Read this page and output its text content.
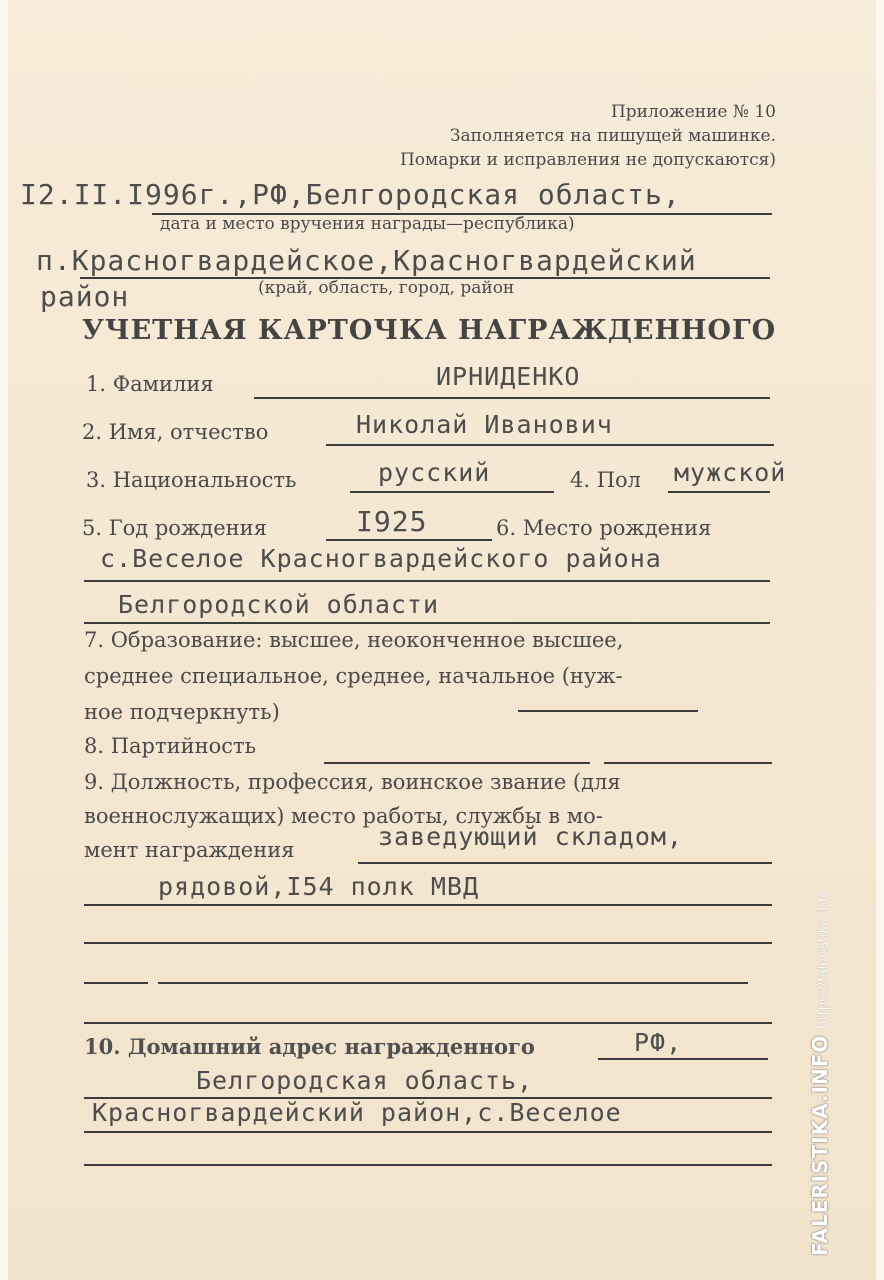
Приложение № 10
Заполняется на пишущей машинке.
Помарки и исправления не допускаются)
I2.II.I996г.,РФ,Белгородская область,
дата и место вручения награды—республика)
п.Красногвардейское,Красногвардейский
район	(край, область, город, район
УЧЕТНАЯ КАРТОЧКА НАГРАЖДЕННОГО
1. Фамилия	ИРНИДЕНКО
2. Имя, отчество	Николай Иванович
3. Национальность	русский	4. Пол мужской
5. Год рождения	I925	6. Место рождения
с.Веселое Красногвардейского района
Белгородской области
7. Образование: высшее, неоконченное высшее,
среднее специальное, среднее, начальное (нуж-
ное подчеркнуть)
8. Партийность
9. Должность, профессия, воинское звание (для
военнослужащих) место работы, службы в мо-
мент награждения	заведующий складом,
рядовой,I54 полк МВД
10. Домашний адрес награжденного	РФ,
Белгородская область,
Красногвардейский район,с.Веселое	FALERISTIKA.INFOhttps://faleristika.info
